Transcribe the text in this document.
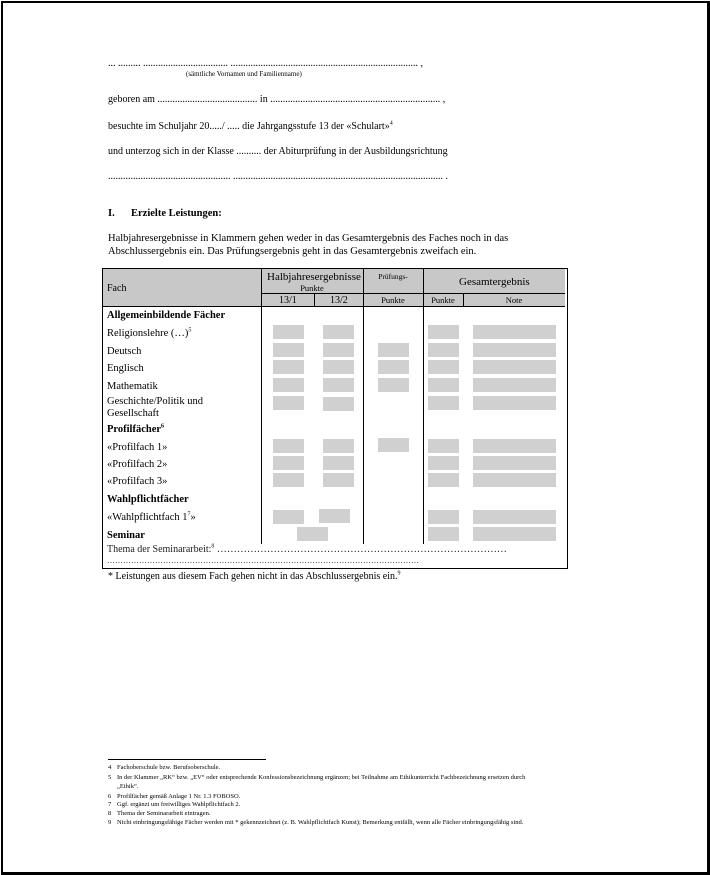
... ......... .................................. ........................................................................... ,
(sämtliche Vornamen und Familienname)
geboren am ........................................ in .................................................................... ,
besuchte im Schuljahr 20...../ ..... die Jahrgangsstufe 13 der «Schulart»$^4$
und unterzog sich in der Klasse .......... der Abiturprüfung in der Ausbildungsrichtung
................................................. .................................................................................... .
I. Erzielte Leistungen:
Halbjahresergebnisse in Klammern gehen weder in das Gesamtergebnis des Faches noch in das
Abschlussergebnis ein. Das Prüfungsergebnis geht in das Gesamtergebnis zweifach ein.
Fach
Halbjahresergebnisse
Punkte
13/1	13/2
Prüfungs-
Punkte
Gesamtergebnis
Punkte	Note
Allgemeinbildende Fächer
Religionslehre (…)$^5$
Deutsch
Englisch
Mathematik
Geschichte/Politik und
Gesellschaft
Profilfächer$^6$
«Profilfach 1»
«Profilfach 2»
«Profilfach 3»
Wahlpflichtfächer
«Wahlpflichtfach $1^7$»
Seminar
Thema der Seminararbeit:$^8$ ……………………………………………………………………………
………………………………………………………………………………………………………
* Leistungen aus diesem Fach gehen nicht in das Abschlussergebnis ein.$^9$
4 Fachoberschule bzw. Berufsoberschule.
5 In der Klammer „RK“ bzw. „EV“ oder entsprechende Konfessionsbezeichnung ergänzen; bei Teilnahme am Ethikunterricht Fachbezeichnung ersetzen durch
„Ethik“.
6 Profilfächer gemäß Anlage 1 Nr. 1.3 FOBOSO.
7 Ggf. ergänzt um freiwilliges Wahlpflichtfach 2.
8 Thema der Seminararbeit eintragen.
9 Nicht einbringungsfähige Fächer werden mit * gekennzeichnet (z. B. Wahlpflichtfach Kunst); Bemerkung entfällt, wenn alle Fächer einbringungsfähig sind.
